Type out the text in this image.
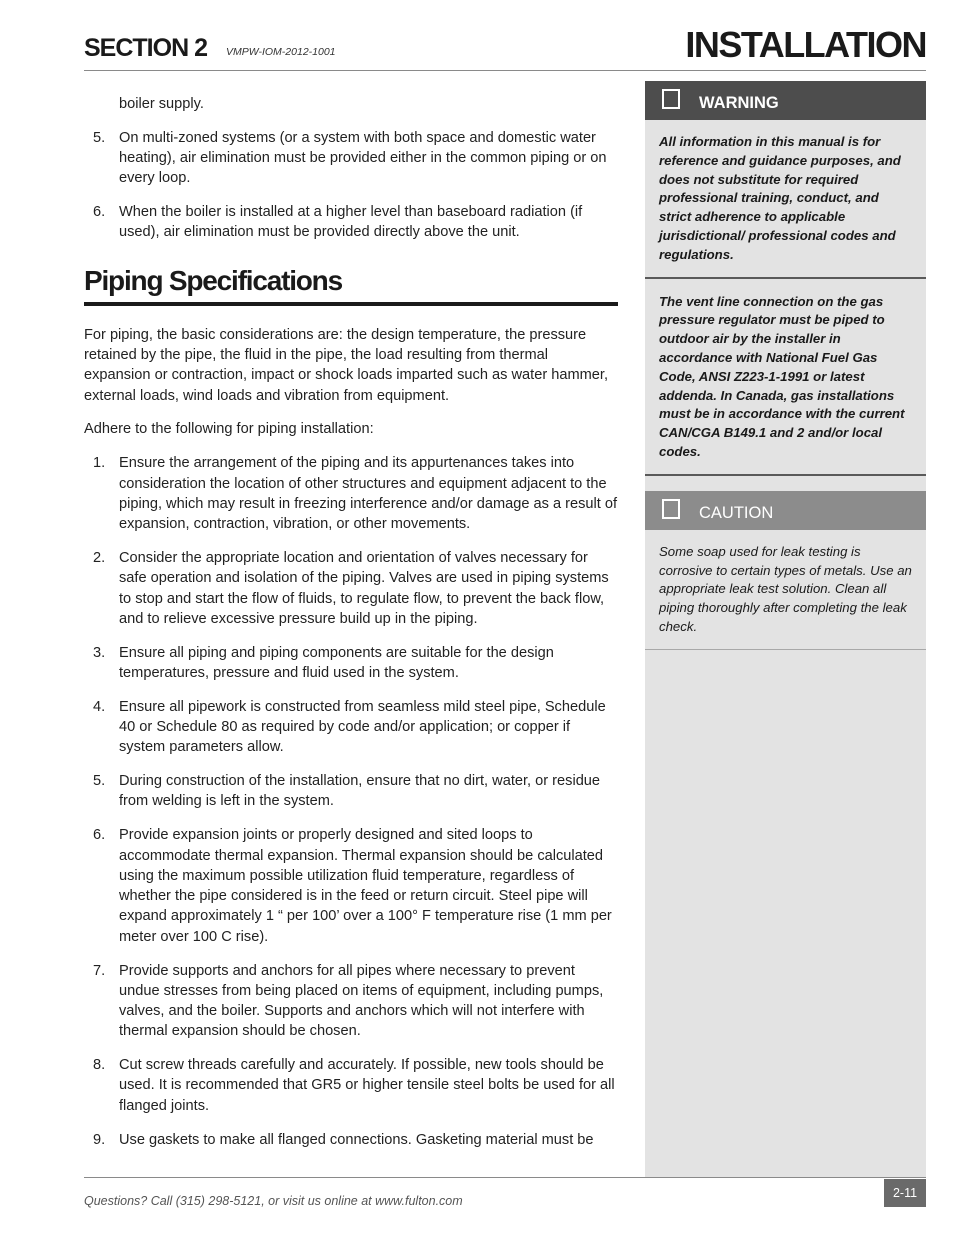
SECTION 2 VMPW-IOM-2012-1001	INSTALLATION

boiler supply.

5. On multi-zoned systems (or a system with both space and domestic water heating), air elimination must be provided either in the common piping or on every loop.
6. When the boiler is installed at a higher level than baseboard radiation (if used), air elimination must be provided directly above the unit.
Piping Specifications

For piping, the basic considerations are: the design temperature, the pressure retained by the pipe, the fluid in the pipe, the load resulting from thermal expansion or contraction, impact or shock loads imparted such as water hammer, external loads, wind loads and vibration from equipment.

Adhere to the following for piping installation:

1. Ensure the arrangement of the piping and its appurtenances takes into consideration the location of other structures and equipment adjacent to the piping, which may result in freezing interference and/or damage as a result of expansion, contraction, vibration, or other movements.
2. Consider the appropriate location and orientation of valves necessary for safe operation and isolation of the piping. Valves are used in piping systems to stop and start the flow of fluids, to regulate flow, to prevent the back flow, and to relieve excessive pressure build up in the piping.
3. Ensure all piping and piping components are suitable for the design temperatures, pressure and fluid used in the system.
4. Ensure all pipework is constructed from seamless mild steel pipe, Schedule 40 or Schedule 80 as required by code and/or application; or copper if system parameters allow.
5. During construction of the installation, ensure that no dirt, water, or residue from welding is left in the system.
6. Provide expansion joints or properly designed and sited loops to accommodate thermal expansion. Thermal expansion should be calculated using the maximum possible utilization fluid temperature, regardless of whether the pipe considered is in the feed or return circuit. Steel pipe will expand approximately 1 “ per 100’ over a 100° F temperature rise (1 mm per meter over 100 C rise).
7. Provide supports and anchors for all pipes where necessary to prevent undue stresses from being placed on items of equipment, including pumps, valves, and the boiler. Supports and anchors which will not interfere with thermal expansion should be chosen.
8. Cut screw threads carefully and accurately. If possible, new tools should be used. It is recommended that GR5 or higher tensile steel bolts be used for all flanged joints.
9. Use gaskets to make all flanged connections. Gasketing material must be
WARNING
All information in this manual is for reference and guidance purposes, and does not substitute for required professional training, conduct, and strict adherence to applicable jurisdictional/ professional codes and regulations.
The vent line connection on the gas pressure regulator must be piped to outdoor air by the installer in accordance with National Fuel Gas Code, ANSI Z223-1-1991 or latest addenda. In Canada, gas installations must be in accordance with the current CAN/CGA B149.1 and 2 and/or local codes.
CAUTION
Some soap used for leak testing is corrosive to certain types of metals. Use an appropriate leak test solution. Clean all piping thoroughly after completing the leak check.
Questions? Call (315) 298-5121, or visit us online at www.fulton.com
2-11
